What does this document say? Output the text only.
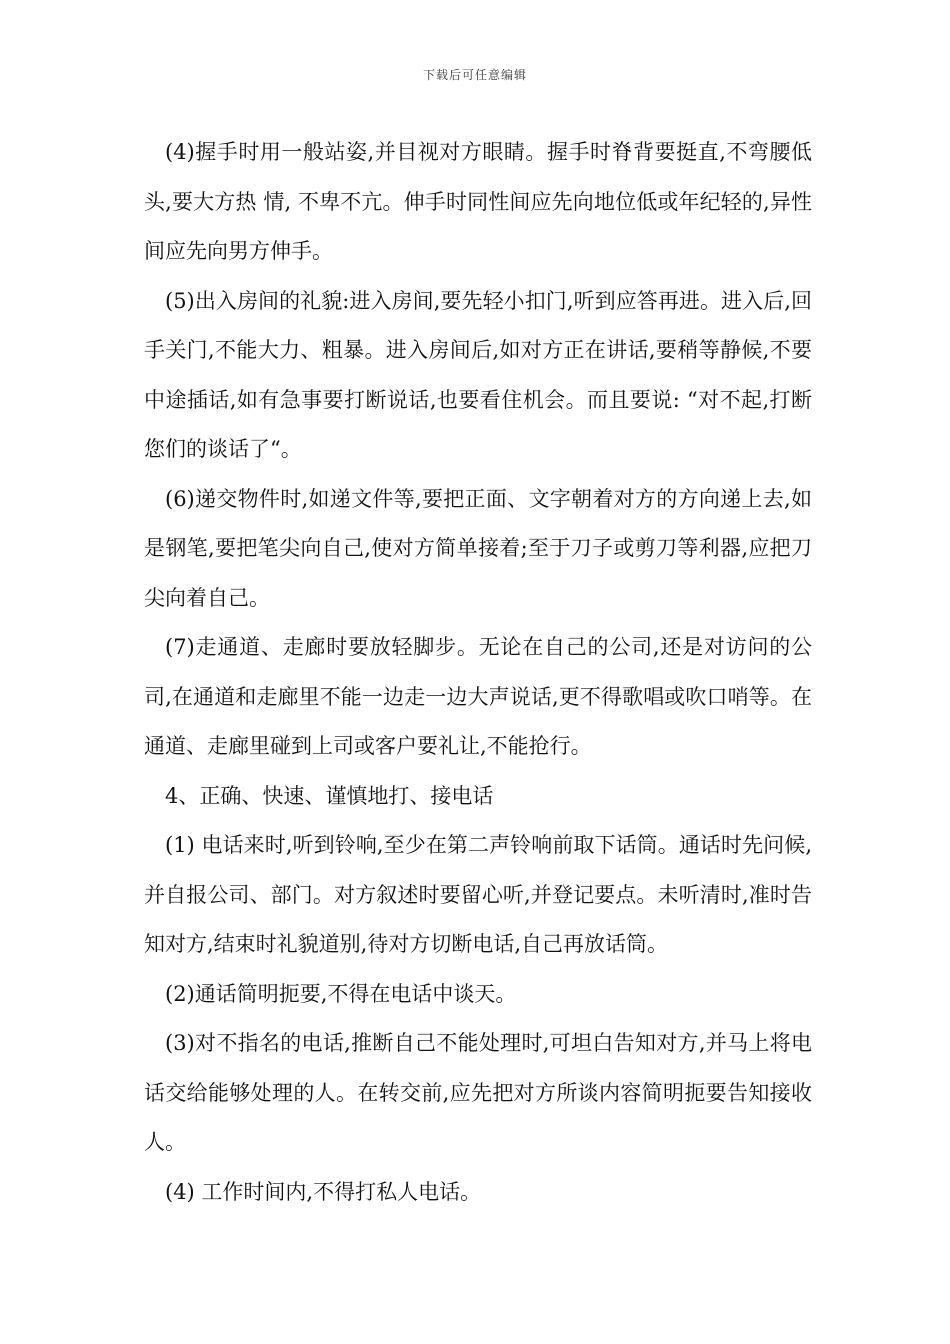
下载后可任意编辑

(4)握手时用一般站姿,并目视对方眼睛。握手时脊背要挺直,不弯腰低头,要大方热 情, 不卑不亢。伸手时同性间应先向地位低或年纪轻的,异性间应先向男方伸手。

(5)出入房间的礼貌:进入房间,要先轻小扣门,听到应答再进。进入后,回手关门,不能大力、粗暴。进入房间后,如对方正在讲话,要稍等静候,不要中途插话,如有急事要打断说话,也要看住机会。而且要说: “对不起,打断您们的谈话了“。

(6)递交物件时,如递文件等,要把正面、文字朝着对方的方向递上去,如是钢笔,要把笔尖向自己,使对方简单接着;至于刀子或剪刀等利器,应把刀尖向着自己。

(7)走通道、走廊时要放轻脚步。无论在自己的公司,还是对访问的公司,在通道和走廊里不能一边走一边大声说话,更不得歌唱或吹口哨等。在通道、走廊里碰到上司或客户要礼让,不能抢行。

4、正确、快速、谨慎地打、接电话

(1) 电话来时,听到铃响,至少在第二声铃响前取下话筒。通话时先问候,并自报公司、部门。对方叙述时要留心听,并登记要点。未听清时,准时告知对方,结束时礼貌道别,待对方切断电话,自己再放话筒。

(2)通话简明扼要,不得在电话中谈天。

(3)对不指名的电话,推断自己不能处理时,可坦白告知对方,并马上将电话交给能够处理的人。在转交前,应先把对方所谈内容简明扼要告知接收人。

(4) 工作时间内,不得打私人电话。
